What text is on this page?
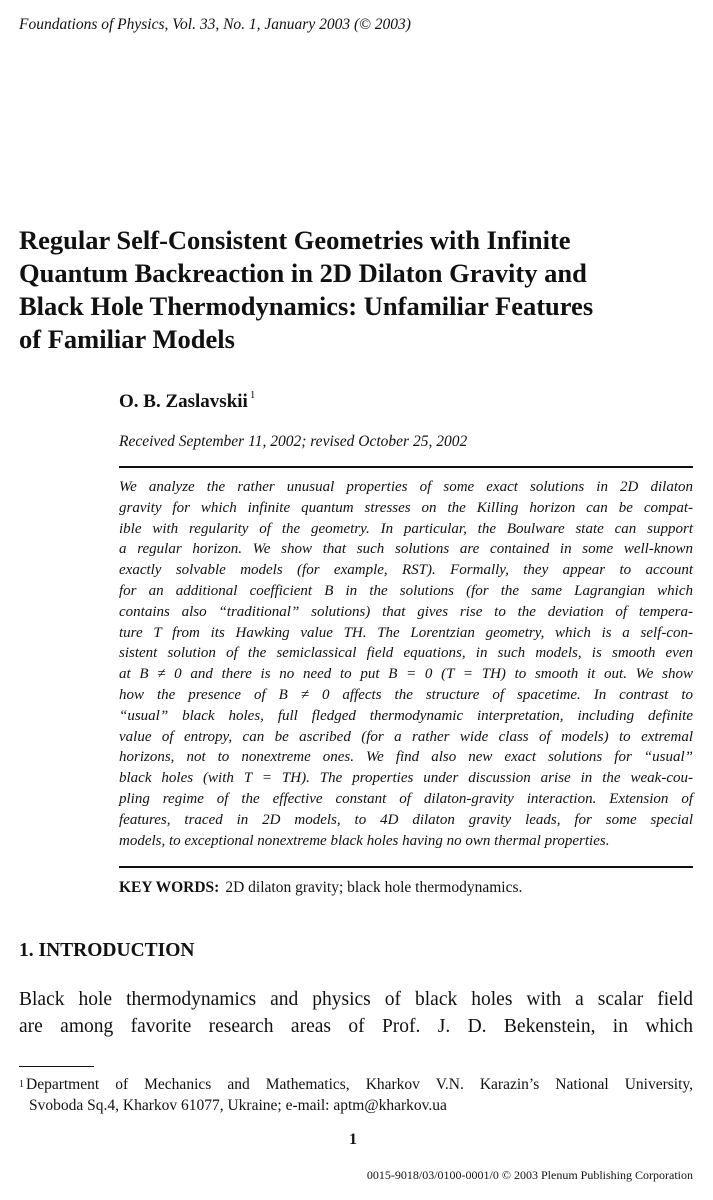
Foundations of Physics, Vol. 33, No. 1, January 2003 (© 2003)
Regular Self-Consistent Geometries with Infinite
Quantum Backreaction in 2D Dilaton Gravity and
Black Hole Thermodynamics: Unfamiliar Features
of Familiar Models
O. B. Zaslavskii $^1$
Received September 11, 2002; revised October 25, 2002
We analyze the rather unusual properties of some exact solutions in 2D dilaton
gravity for which infinite quantum stresses on the Killing horizon can be compat-
ible with regularity of the geometry. In particular, the Boulware state can support
a regular horizon. We show that such solutions are contained in some well-known
exactly solvable models (for example, RST). Formally, they appear to account
for an additional coefficient B in the solutions (for the same Lagrangian which
contains also “traditional” solutions) that gives rise to the deviation of tempera-
ture T from its Hawking value TH. The Lorentzian geometry, which is a self-con-
sistent solution of the semiclassical field equations, in such models, is smooth even
at B ≠ 0 and there is no need to put B = 0 (T = TH) to smooth it out. We show
how the presence of B ≠ 0 affects the structure of spacetime. In contrast to
“usual” black holes, full fledged thermodynamic interpretation, including definite
value of entropy, can be ascribed (for a rather wide class of models) to extremal
horizons, not to nonextreme ones. We find also new exact solutions for “usual”
black holes (with T = TH). The properties under discussion arise in the weak-cou-
pling regime of the effective constant of dilaton-gravity interaction. Extension of
features, traced in 2D models, to 4D dilaton gravity leads, for some special
models, to exceptional nonextreme black holes having no own thermal properties.
KEY WORDS: 2D dilaton gravity; black hole thermodynamics.
1. INTRODUCTION
Black hole thermodynamics and physics of black holes with a scalar field
are among favorite research areas of Prof. J. D. Bekenstein, in which
$^1$ Department of Mechanics and Mathematics, Kharkov V.N. Karazin’s National University,
Svoboda Sq.4, Kharkov 61077, Ukraine; e-mail: aptm@kharkov.ua
1
0015-9018/03/0100-0001/0 © 2003 Plenum Publishing Corporation
